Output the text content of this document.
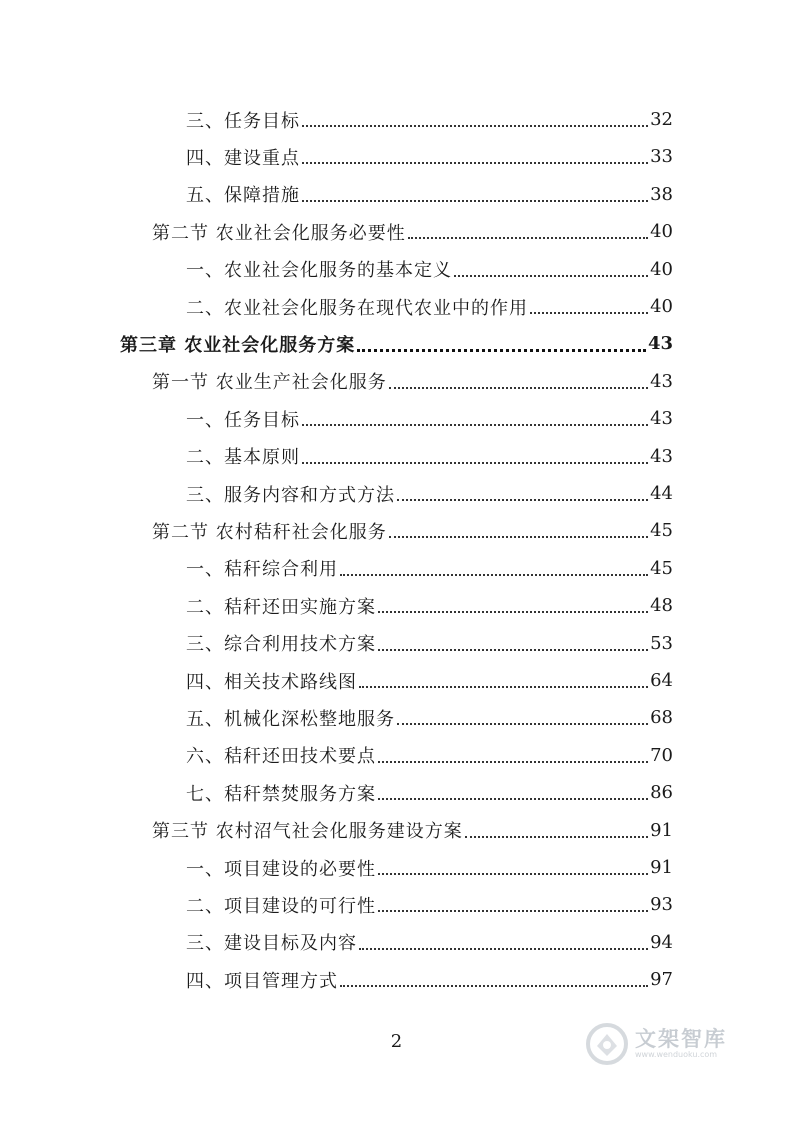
三、任务目标	32
四、建设重点	33
五、保障措施	38
第二节 农业社会化服务必要性	40
一、农业社会化服务的基本定义	40
二、农业社会化服务在现代农业中的作用	40
第三章 农业社会化服务方案	43
第一节 农业生产社会化服务	43
一、任务目标	43
二、基本原则	43
三、服务内容和方式方法	44
第二节 农村秸秆社会化服务	45
一、秸秆综合利用	45
二、秸秆还田实施方案	48
三、综合利用技术方案	53
四、相关技术路线图	64
五、机械化深松整地服务	68
六、秸秆还田技术要点	70
七、秸秆禁焚服务方案	86
第三节 农村沼气社会化服务建设方案	91
一、项目建设的必要性	91
二、项目建设的可行性	93
三、建设目标及内容	94
四、项目管理方式	97
2	文架智库
www.wenduoku.com
